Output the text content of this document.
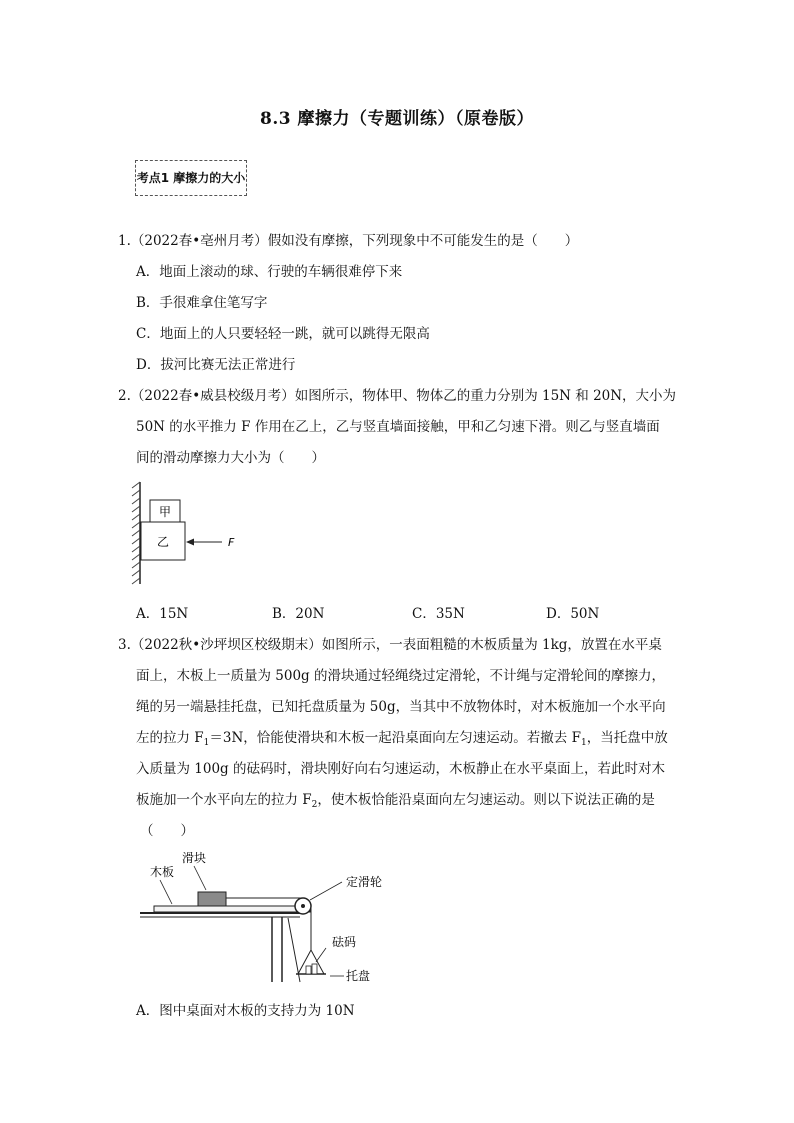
8.3 摩擦力（专题训练）（原卷版）
考点1 摩擦力的大小
1.（2022春•亳州月考）假如没有摩擦，下列现象中不可能发生的是（　　）
A．地面上滚动的球、行驶的车辆很难停下来
B．手很难拿住笔写字
C．地面上的人只要轻轻一跳，就可以跳得无限高
D．拔河比赛无法正常进行
2.（2022春•威县校级月考）如图所示，物体甲、物体乙的重力分别为 15N 和 20N，大小为
50N 的水平推力 F 作用在乙上，乙与竖直墙面接触，甲和乙匀速下滑。则乙与竖直墙面
间的滑动摩擦力大小为（　　）
甲
乙	F
A．15N	B．20N	C．35N	D．50N
3.（2022秋•沙坪坝区校级期末）如图所示，一表面粗糙的木板质量为 1kg，放置在水平桌
面上，木板上一质量为 500g 的滑块通过轻绳绕过定滑轮，不计绳与定滑轮间的摩擦力，
绳的另一端悬挂托盘，已知托盘质量为 50g，当其中不放物体时，对木板施加一个水平向
左的拉力 $F_1=3N$，恰能使滑块和木板一起沿桌面向左匀速运动。若撤去 $F_1$，当托盘中放
入质量为 100g 的砝码时，滑块刚好向右匀速运动，木板静止在水平桌面上，若此时对木
板施加一个水平向左的拉力 $F_2$，使木板恰能沿桌面向左匀速运动。则以下说法正确的是
（　　）
木板
滑块
定滑轮
砝码
托盘
A．图中桌面对木板的支持力为 10N
